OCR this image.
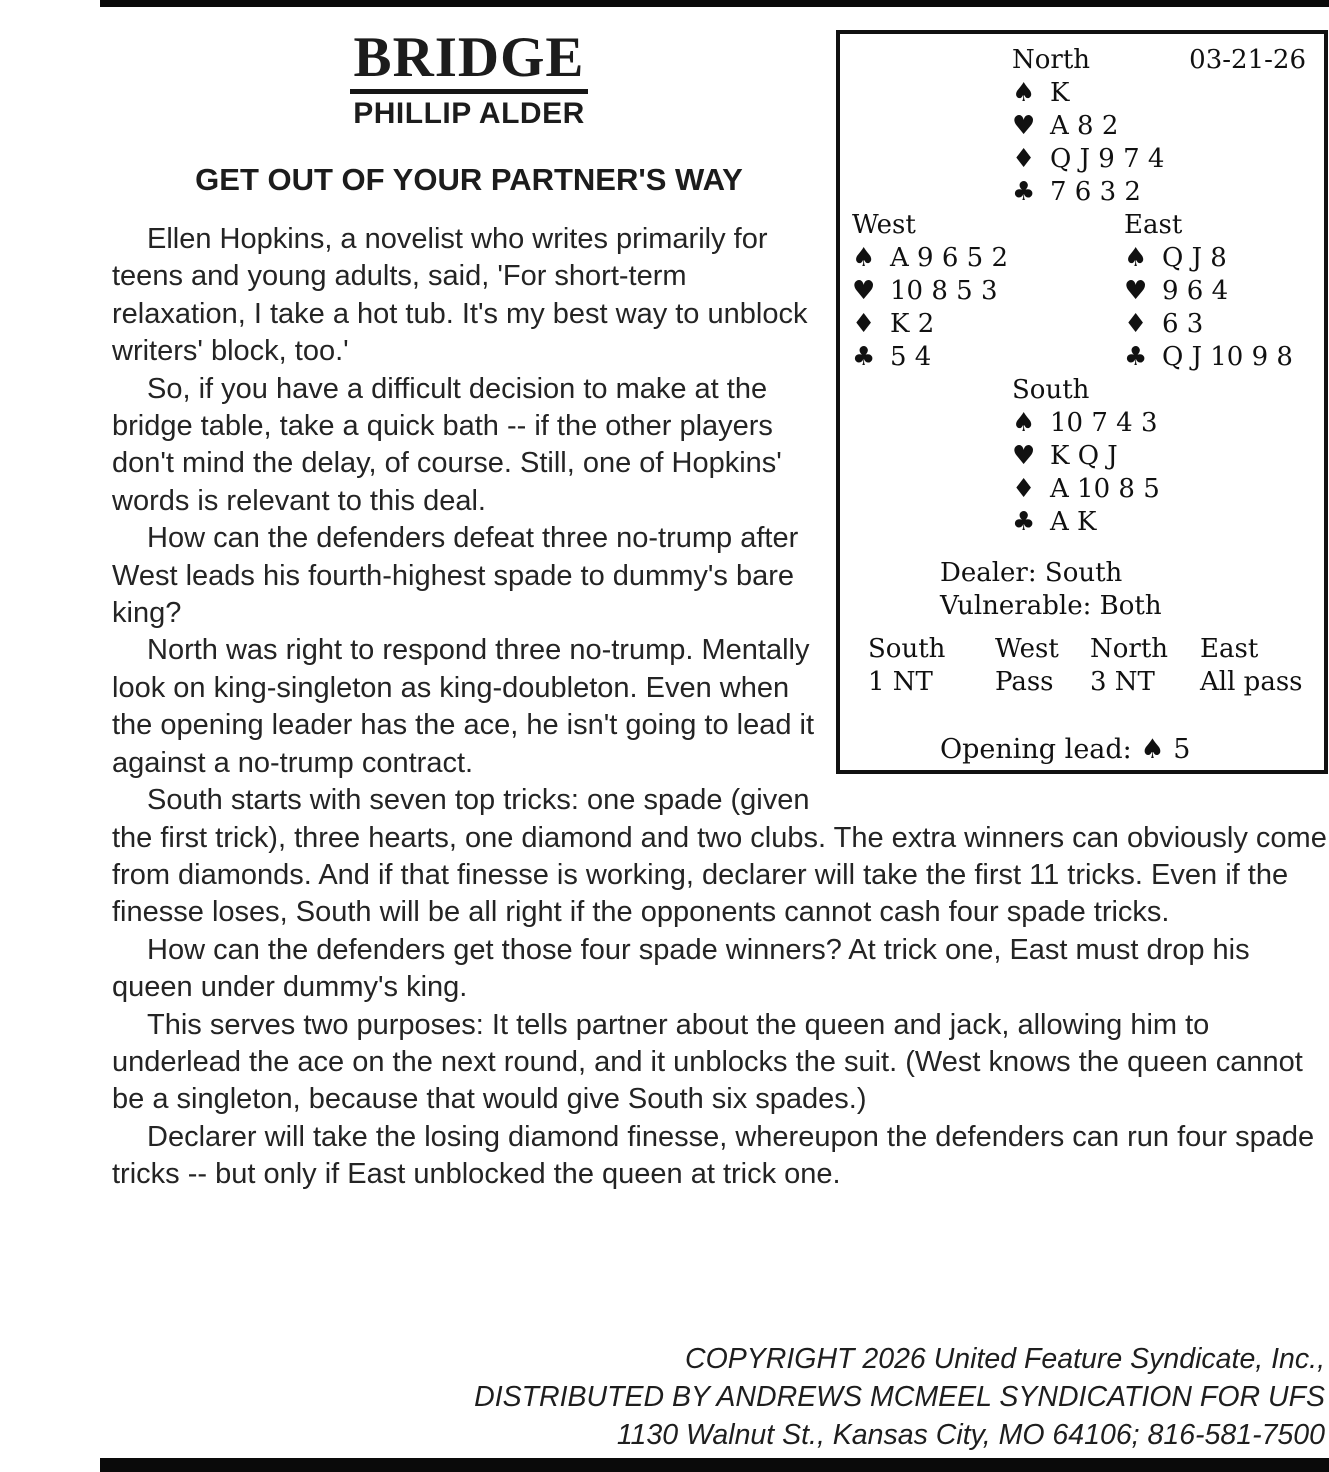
North	03-21-26
♠ K
♥ A 8 2
♦ Q J 9 7 4
♣ 7 6 3 2
West
♠ A 9 6 5 2
♥ 10 8 5 3
♦ K 2
♣ 5 4
East
♠ Q J 8
♥ 9 6 4
♦ 6 3
♣ Q J 10 9 8
South
♠ 10 7 4 3
♥ K Q J
♦ A 10 8 5
♣ A K
Dealer: South
Vulnerable: Both
South	West	North	East
1 NT	Pass	3 NT	All pass
Opening lead: ♠ 5
BRIDGE
PHILLIP ALDER
GET OUT OF YOUR PARTNER'S WAY

Ellen Hopkins, a novelist who writes primarily for teens and young adults, said, 'For short-term relaxation, I take a hot tub. It's my best way to unblock writers' block, too.'

So, if you have a difficult decision to make at the bridge table, take a quick bath -- if the other players don't mind the delay, of course. Still, one of Hopkins' words is relevant to this deal.

How can the defenders defeat three no-trump after West leads his fourth-highest spade to dummy's bare king?

North was right to respond three no-trump. Mentally look on king-singleton as king-doubleton. Even when the opening leader has the ace, he isn't going to lead it against a no-trump contract.

South starts with seven top tricks: one spade (given the first trick), three hearts, one diamond and two clubs. The extra winners can obviously come from diamonds. And if that finesse is working, declarer will take the first 11 tricks. Even if the finesse loses, South will be all right if the opponents cannot cash four spade tricks.

How can the defenders get those four spade winners? At trick one, East must drop his queen under dummy's king.

This serves two purposes: It tells partner about the queen and jack, allowing him to underlead the ace on the next round, and it unblocks the suit. (West knows the queen cannot be a singleton, because that would give South six spades.)

Declarer will take the losing diamond finesse, whereupon the defenders can run four spade tricks -- but only if East unblocked the queen at trick one.

COPYRIGHT 2026 United Feature Syndicate, Inc.,
DISTRIBUTED BY ANDREWS MCMEEL SYNDICATION FOR UFS
1130 Walnut St., Kansas City, MO 64106; 816-581-7500
